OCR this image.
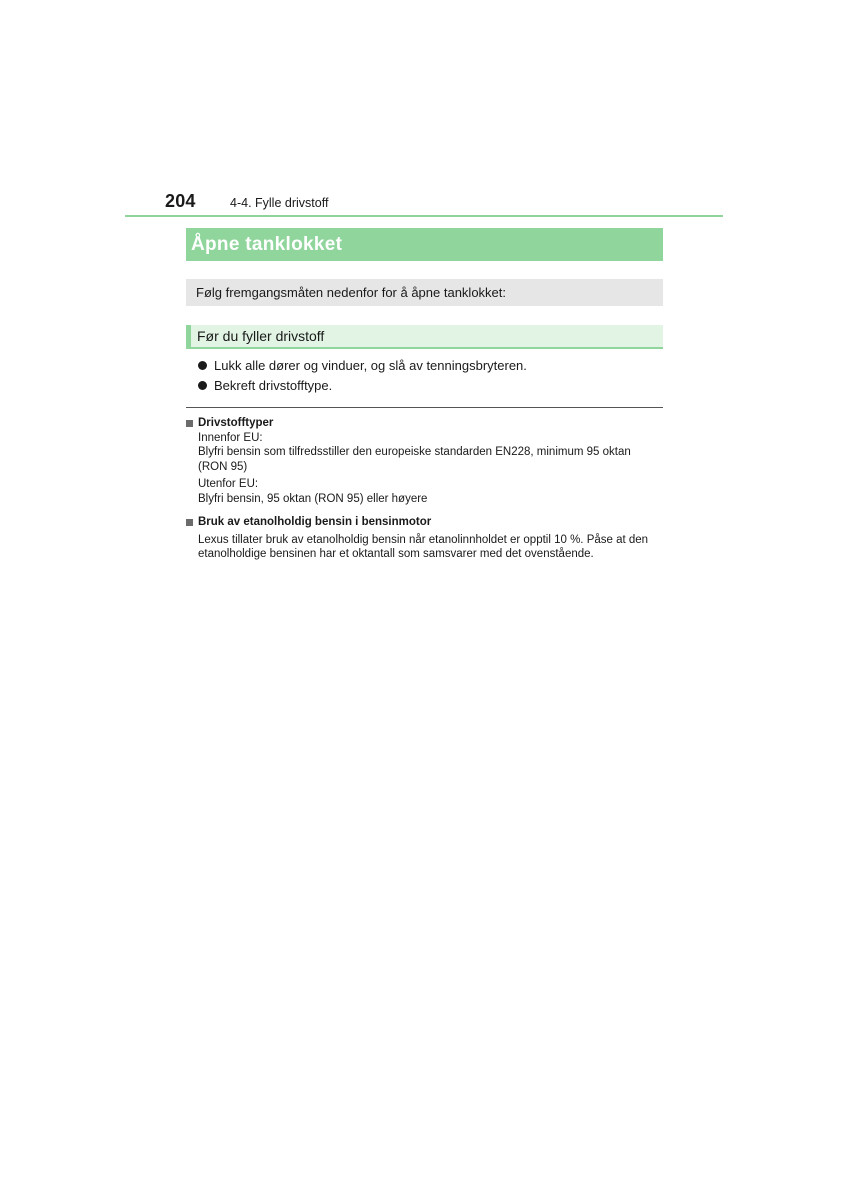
204	4-4. Fylle drivstoff
Åpne tanklokket
Følg fremgangsmåten nedenfor for å åpne tanklokket:
Før du fyller drivstoff
Lukk alle dører og vinduer, og slå av tenningsbryteren.
Bekreft drivstofftype.
Drivstofftyper

Innenfor EU:

Blyfri bensin som tilfredsstiller den europeiske standarden EN228, minimum 95 oktan

(RON 95)

Utenfor EU:

Blyfri bensin, 95 oktan (RON 95) eller høyere

Bruk av etanolholdig bensin i bensinmotor

Lexus tillater bruk av etanolholdig bensin når etanolinnholdet er opptil 10 %. Påse at den

etanolholdige bensinen har et oktantall som samsvarer med det ovenstående.
